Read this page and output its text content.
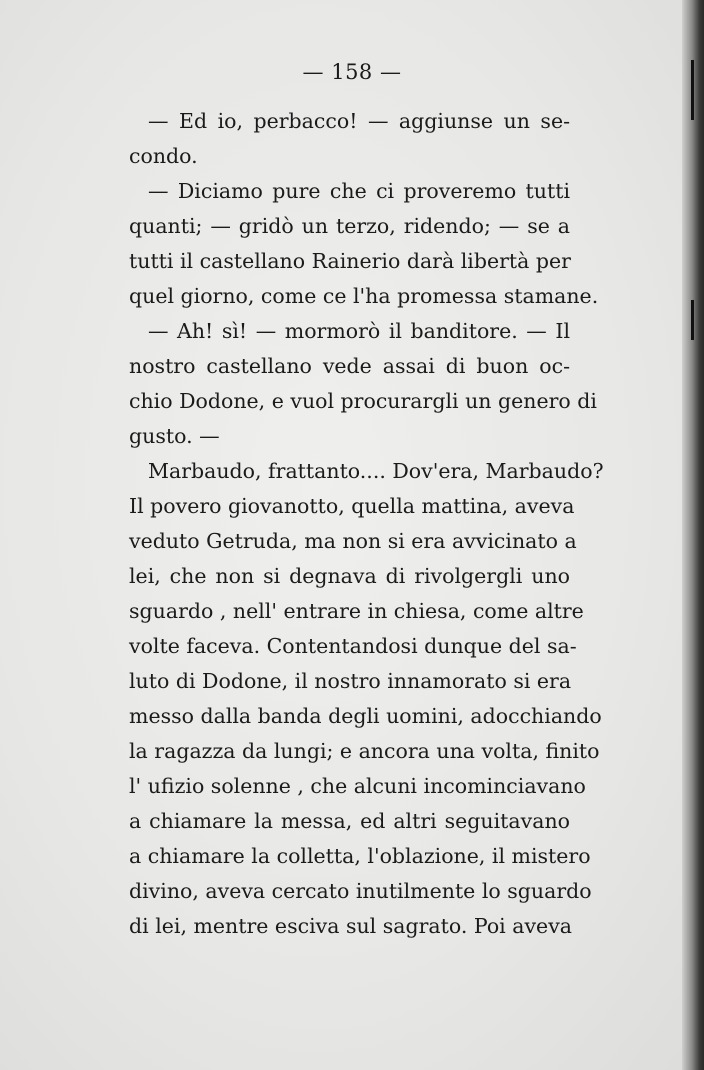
— 158 —
— Ed io, perbacco! — aggiunse un se-
condo.
— Diciamo pure che ci proveremo tutti
quanti; — gridò un terzo, ridendo; — se a
tutti il castellano Rainerio darà libertà per
quel giorno, come ce l'ha promessa stamane.
— Ah! sì! — mormorò il banditore. — Il
nostro castellano vede assai di buon oc-
chio Dodone, e vuol procurargli un genero di
gusto. —
Marbaudo, frattanto.... Dov'era, Marbaudo?
Il povero giovanotto, quella mattina, aveva
veduto Getruda, ma non si era avvicinato a
lei, che non si degnava di rivolgergli uno
sguardo , nell' entrare in chiesa, come altre
volte faceva. Contentandosi dunque del sa-
luto di Dodone, il nostro innamorato si era
messo dalla banda degli uomini, adocchiando
la ragazza da lungi; e ancora una volta, finito
l' ufizio solenne , che alcuni incominciavano
a chiamare la messa, ed altri seguitavano
a chiamare la colletta, l'oblazione, il mistero
divino, aveva cercato inutilmente lo sguardo
di lei, mentre esciva sul sagrato. Poi aveva
